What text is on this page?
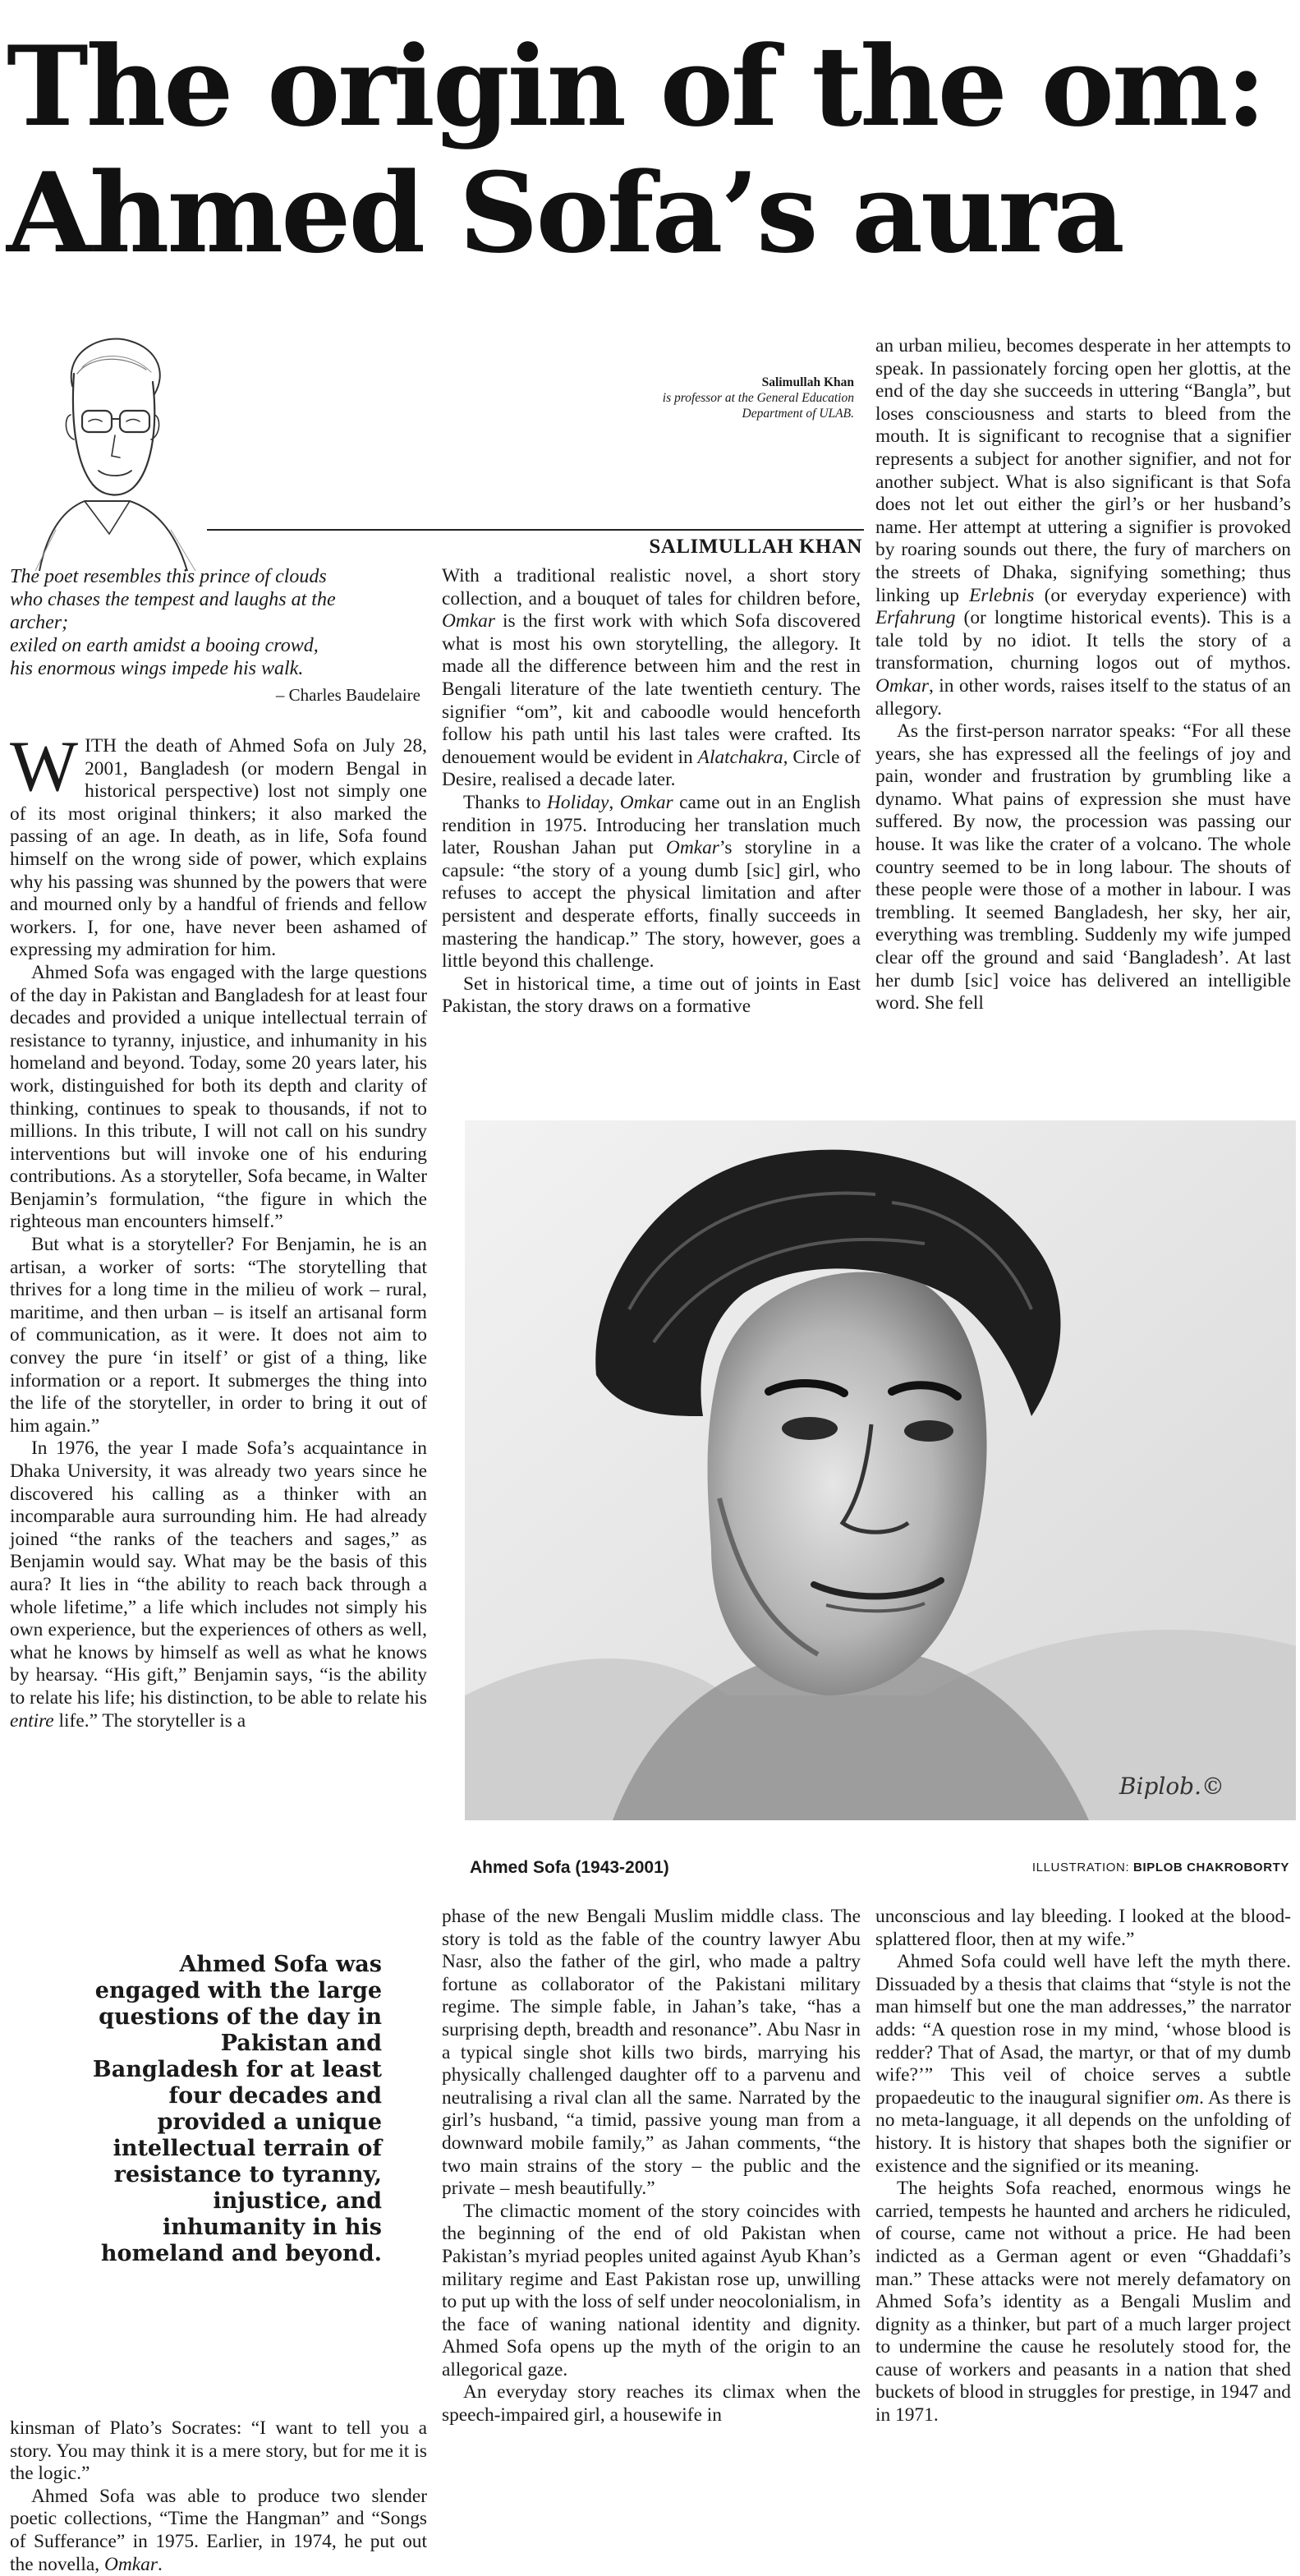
The origin of the om:
Ahmed Sofa’s aura
Salimullah Khan
is professor at the General Education
Department of ULAB.
SALIMULLAH KHAN
The poet resembles this prince of clouds
who chases the tempest and laughs at the
archer;
exiled on earth amidst a booing crowd,
his enormous wings impede his walk.
– Charles Baudelaire

WITH the death of Ahmed Sofa on July 28, 2001, Bangladesh (or modern Bengal in historical perspective) lost not simply one of its most original thinkers; it also marked the passing of an age. In death, as in life, Sofa found himself on the wrong side of power, which explains why his passing was shunned by the powers that were and mourned only by a handful of friends and fellow workers. I, for one, have never been ashamed of expressing my admiration for him.

Ahmed Sofa was engaged with the large questions of the day in Pakistan and Bangladesh for at least four decades and provided a unique intellectual terrain of resistance to tyranny, injustice, and inhumanity in his homeland and beyond. Today, some 20 years later, his work, distinguished for both its depth and clarity of thinking, continues to speak to thousands, if not to millions. In this tribute, I will not call on his sundry interventions but will invoke one of his enduring contributions. As a storyteller, Sofa became, in Walter Benjamin’s formulation, “the figure in which the righteous man encounters himself.”

But what is a storyteller? For Benjamin, he is an artisan, a worker of sorts: “The storytelling that thrives for a long time in the milieu of work – rural, maritime, and then urban – is itself an artisanal form of communication, as it were. It does not aim to convey the pure ‘in itself’ or gist of a thing, like information or a report. It submerges the thing into the life of the storyteller, in order to bring it out of him again.”

In 1976, the year I made Sofa’s acquaintance in Dhaka University, it was already two years since he discovered his calling as a thinker with an incomparable aura surrounding him. He had already joined “the ranks of the teachers and sages,” as Benjamin would say. What may be the basis of this aura? It lies in “the ability to reach back through a whole lifetime,” a life which includes not simply his own experience, but the experiences of others as well, what he knows by himself as well as what he knows by hearsay. “His gift,” Benjamin says, “is the ability to relate his life; his distinction, to be able to relate his entire life.” The storyteller is a

With a traditional realistic novel, a short story collection, and a bouquet of tales for children before, Omkar is the first work with which Sofa discovered what is most his own storytelling, the allegory. It made all the difference between him and the rest in Bengali literature of the late twentieth century. The signifier “om”, kit and caboodle would henceforth follow his path until his last tales were crafted. Its denouement would be evident in Alatchakra, Circle of Desire, realised a decade later.

Thanks to Holiday, Omkar came out in an English rendition in 1975. Introducing her translation much later, Roushan Jahan put Omkar’s storyline in a capsule: “the story of a young dumb [sic] girl, who refuses to accept the physical limitation and after persistent and desperate efforts, finally succeeds in mastering the handicap.” The story, however, goes a little beyond this challenge.

Set in historical time, a time out of joints in East Pakistan, the story draws on a formative

an urban milieu, becomes desperate in her attempts to speak. In passionately forcing open her glottis, at the end of the day she succeeds in uttering “Bangla”, but loses consciousness and starts to bleed from the mouth. It is significant to recognise that a signifier represents a subject for another signifier, and not for another subject. What is also significant is that Sofa does not let out either the girl’s or her husband’s name. Her attempt at uttering a signifier is provoked by roaring sounds out there, the fury of marchers on the streets of Dhaka, signifying something; thus linking up Erlebnis (or everyday experience) with Erfahrung (or longtime historical events). This is a tale told by no idiot. It tells the story of a transformation, churning logos out of mythos. Omkar, in other words, raises itself to the status of an allegory.

As the first-person narrator speaks: “For all these years, she has expressed all the feelings of joy and pain, wonder and frustration by grumbling like a dynamo. What pains of expression she must have suffered. By now, the procession was passing our house. It was like the crater of a volcano. The whole country seemed to be in long labour. The shouts of these people were those of a mother in labour. I was trembling. It seemed Bangladesh, her sky, her air, everything was trembling. Suddenly my wife jumped clear off the ground and said ‘Bangladesh’. At last her dumb [sic] voice has delivered an intelligible word. She fell

Biplob.©
Ahmed Sofa (1943-2001)	ILLUSTRATION: BIPLOB CHAKROBORTY
Ahmed Sofa was engaged with the large questions of the day in Pakistan and Bangladesh for at least four decades and provided a unique intellectual terrain of resistance to tyranny, injustice, and inhumanity in his homeland and beyond.

kinsman of Plato’s Socrates: “I want to tell you a story. You may think it is a mere story, but for me it is the logic.”

Ahmed Sofa was able to produce two slender poetic collections, “Time the Hangman” and “Songs of Sufferance” in 1975. Earlier, in 1974, he put out the novella, Omkar.

phase of the new Bengali Muslim middle class. The story is told as the fable of the country lawyer Abu Nasr, also the father of the girl, who made a paltry fortune as collaborator of the Pakistani military regime. The simple fable, in Jahan’s take, “has a surprising depth, breadth and resonance”. Abu Nasr in a typical single shot kills two birds, marrying his physically challenged daughter off to a parvenu and neutralising a rival clan all the same. Narrated by the girl’s husband, “a timid, passive young man from a downward mobile family,” as Jahan comments, “the two main strains of the story – the public and the private – mesh beautifully.”

The climactic moment of the story coincides with the beginning of the end of old Pakistan when Pakistan’s myriad peoples united against Ayub Khan’s military regime and East Pakistan rose up, unwilling to put up with the loss of self under neocolonialism, in the face of waning national identity and dignity. Ahmed Sofa opens up the myth of the origin to an allegorical gaze.

An everyday story reaches its climax when the speech-impaired girl, a housewife in

unconscious and lay bleeding. I looked at the blood-splattered floor, then at my wife.”

Ahmed Sofa could well have left the myth there. Dissuaded by a thesis that claims that “style is not the man himself but one the man addresses,” the narrator adds: “A question rose in my mind, ‘whose blood is redder? That of Asad, the martyr, or that of my dumb wife?’” This veil of choice serves a subtle propaedeutic to the inaugural signifier om. As there is no meta-language, it all depends on the unfolding of history. It is history that shapes both the signifier or existence and the signified or its meaning.

The heights Sofa reached, enormous wings he carried, tempests he haunted and archers he ridiculed, of course, came not without a price. He had been indicted as a German agent or even “Ghaddafi’s man.” These attacks were not merely defamatory on Ahmed Sofa’s identity as a Bengali Muslim and dignity as a thinker, but part of a much larger project to undermine the cause he resolutely stood for, the cause of workers and peasants in a nation that shed buckets of blood in struggles for prestige, in 1947 and in 1971.
